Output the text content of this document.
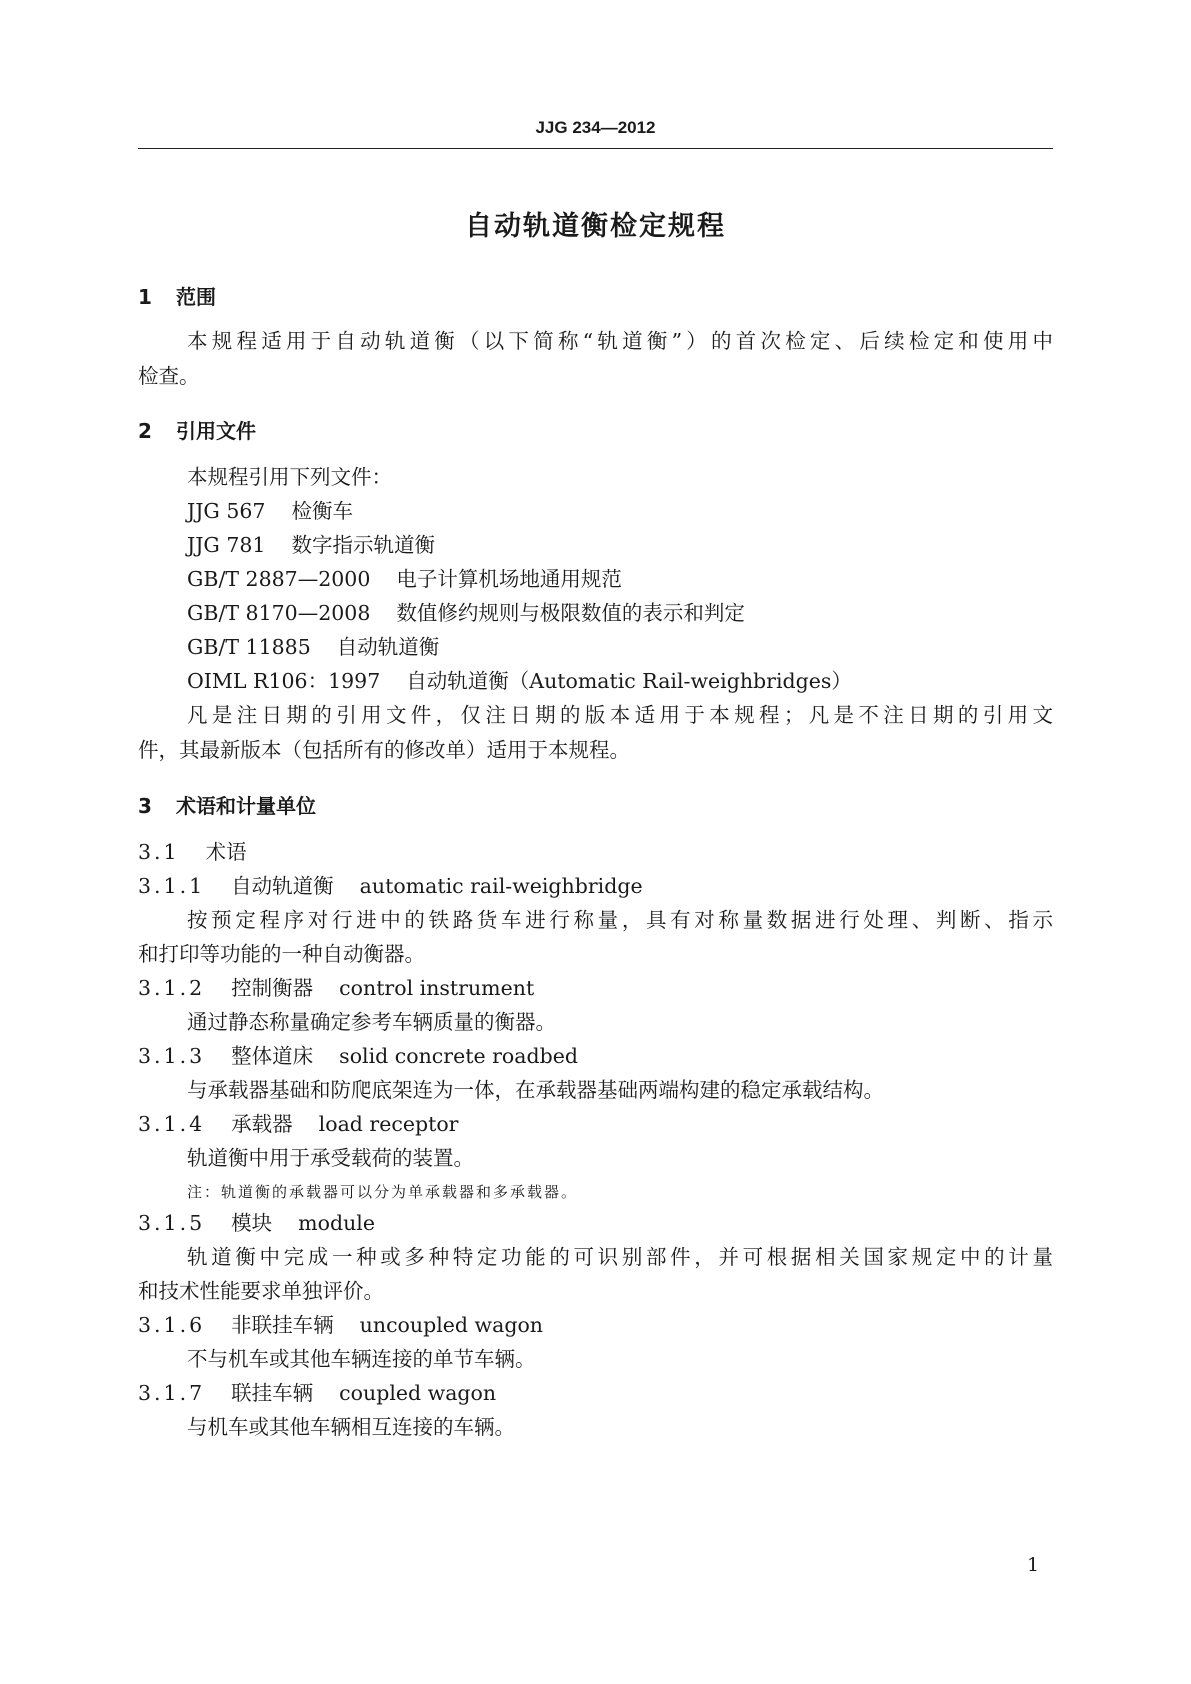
JJG 234—2012
自动轨道衡检定规程
1 范围
本规程适用于自动轨道衡（以下简称“轨道衡”）的首次检定、后续检定和使用中
检查。
2 引用文件
本规程引用下列文件：
JJG 567 检衡车
JJG 781 数字指示轨道衡
GB/T 2887—2000 电子计算机场地通用规范
GB/T 8170—2008 数值修约规则与极限数值的表示和判定
GB/T 11885 自动轨道衡
OIML R106：1997 自动轨道衡（Automatic Rail-weighbridges）
凡是注日期的引用文件，仅注日期的版本适用于本规程；凡是不注日期的引用文
件，其最新版本（包括所有的修改单）适用于本规程。
3 术语和计量单位
3.1 术语
3.1.1 自动轨道衡 automatic rail-weighbridge
按预定程序对行进中的铁路货车进行称量，具有对称量数据进行处理、判断、指示
和打印等功能的一种自动衡器。
3.1.2 控制衡器 control instrument
通过静态称量确定参考车辆质量的衡器。
3.1.3 整体道床 solid concrete roadbed
与承载器基础和防爬底架连为一体，在承载器基础两端构建的稳定承载结构。
3.1.4 承载器 load receptor
轨道衡中用于承受载荷的装置。
注：轨道衡的承载器可以分为单承载器和多承载器。
3.1.5 模块 module
轨道衡中完成一种或多种特定功能的可识别部件，并可根据相关国家规定中的计量
和技术性能要求单独评价。
3.1.6 非联挂车辆 uncoupled wagon
不与机车或其他车辆连接的单节车辆。
3.1.7 联挂车辆 coupled wagon
与机车或其他车辆相互连接的车辆。
1
